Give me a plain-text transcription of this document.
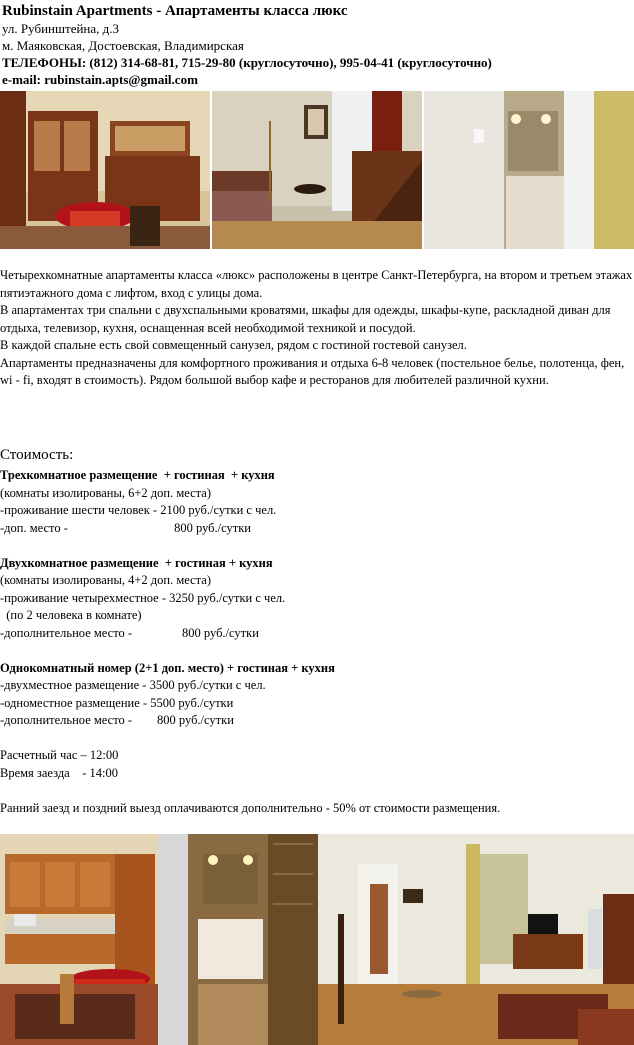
Rubinstain Apartments - Апартаменты класса люкс
ул. Рубинштейна, д.3
м. Маяковская, Достоевская, Владимирская
ТЕЛЕФОНЫ: (812) 314-68-81, 715-29-80 (круглосуточно), 995-04-41 (круглосуточно)
e-mail: rubinstain.apts@gmail.com

Четырехкомнатные апартаменты класса «люкс» расположены в центре Санкт-Петербурга, на втором и третьем этажах пятиэтажного дома с лифтом, вход с улицы дома.

В апартаментах три спальни с двухспальными кроватями, шкафы для одежды, шкафы-купе, раскладной диван для отдыха, телевизор, кухня, оснащенная всей необходимой техникой и посудой.

В каждой спальне есть свой совмещенный санузел, рядом с гостиной гостевой санузел.

Апартаменты предназначены для комфортного проживания и отдыха 6-8 человек (постельное белье, полотенца, фен, wi - fi, входят в стоимость). Рядом большой выбор кафе и ресторанов для любителей различной кухни.

Стоимость:
Трехкомнатное размещение  + гостиная  + кухня
(комнаты изолированы, 6+2 доп. места)
-проживание шести человек - 2100 руб./сутки с чел.
-доп. место -                                  800 руб./сутки
Двухкомнатное размещение  + гостиная + кухня
(комнаты изолированы, 4+2 доп. места)
-проживание четырехместное - 3250 руб./сутки с чел.
(по 2 человека в комнате)
-дополнительное место -                800 руб./сутки
Однокомнатный номер (2+1 доп. место) + гостиная + кухня
-двухместное размещение - 3500 руб./сутки с чел.
-одноместное размещение - 5500 руб./сутки
-дополнительное место -        800 руб./сутки
Расчетный час – 12:00
Время заезда    - 14:00
Ранний заезд и поздний выезд оплачиваются дополнительно - 50% от стоимости размещения.
